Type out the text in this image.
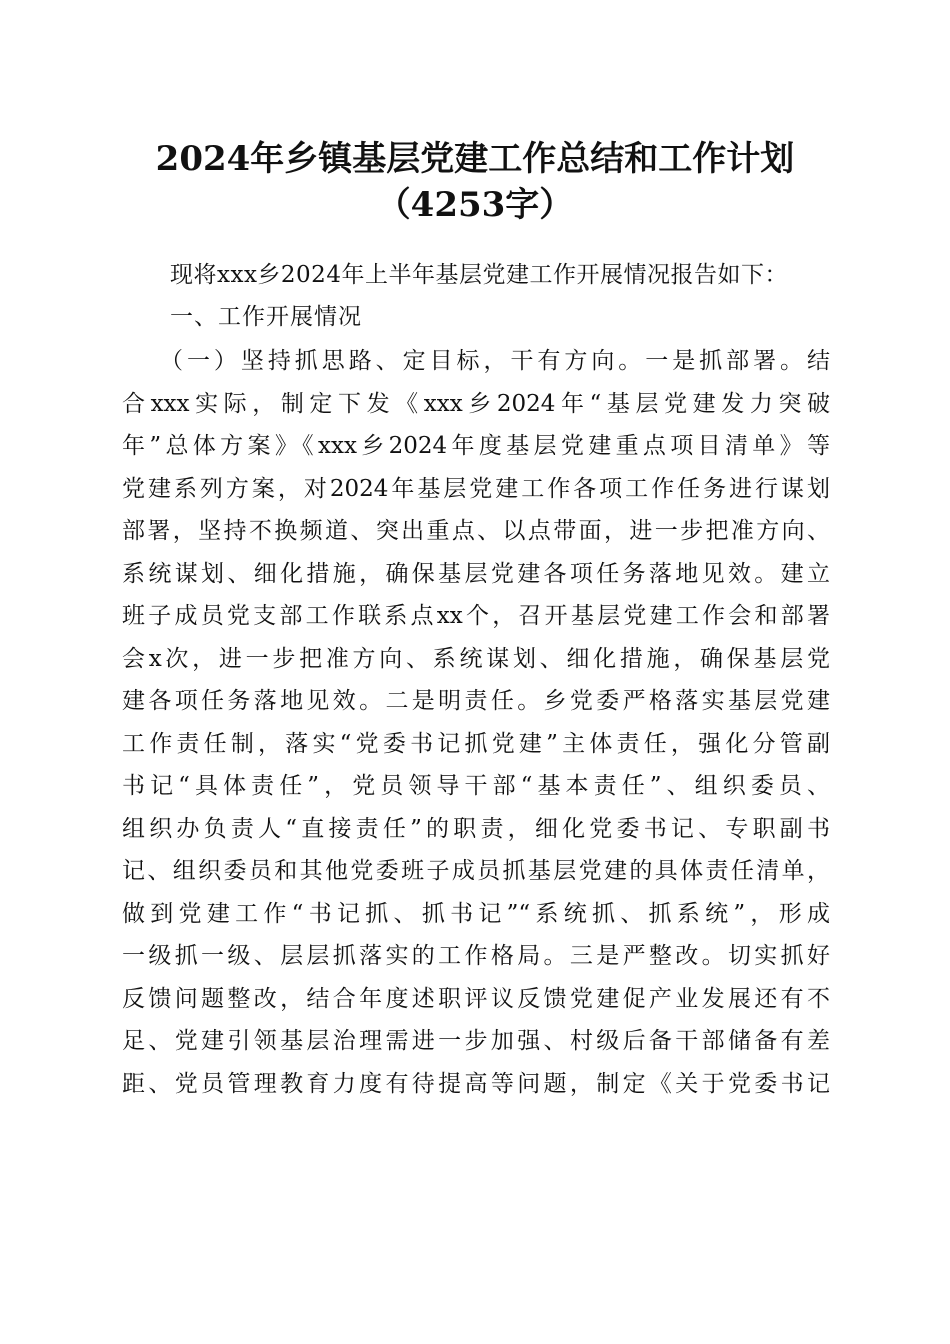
2024年乡镇基层党建工作总结和工作计划
（4253字）

现将xxx乡2024年上半年基层党建工作开展情况报告如下：

一、工作开展情况

（一）坚持抓思路、定目标，干有方向。一是抓部署。结
合xxx实际，制定下发《xxx乡2024年“基层党建发力突破
年”总体方案》《xxx乡2024年度基层党建重点项目清单》等
党建系列方案，对2024年基层党建工作各项工作任务进行谋划
部署，坚持不换频道、突出重点、以点带面，进一步把准方向、
系统谋划、细化措施，确保基层党建各项任务落地见效。建立
班子成员党支部工作联系点xx个，召开基层党建工作会和部署
会x次，进一步把准方向、系统谋划、细化措施，确保基层党
建各项任务落地见效。二是明责任。乡党委严格落实基层党建
工作责任制，落实“党委书记抓党建”主体责任，强化分管副
书记“具体责任”，党员领导干部“基本责任”、组织委员、
组织办负责人“直接责任”的职责，细化党委书记、专职副书
记、组织委员和其他党委班子成员抓基层党建的具体责任清单，
做到党建工作“书记抓、抓书记”“系统抓、抓系统”，形成
一级抓一级、层层抓落实的工作格局。三是严整改。切实抓好
反馈问题整改，结合年度述职评议反馈党建促产业发展还有不
足、党建引领基层治理需进一步加强、村级后备干部储备有差
距、党员管理教育力度有待提高等问题，制定《关于党委书记
